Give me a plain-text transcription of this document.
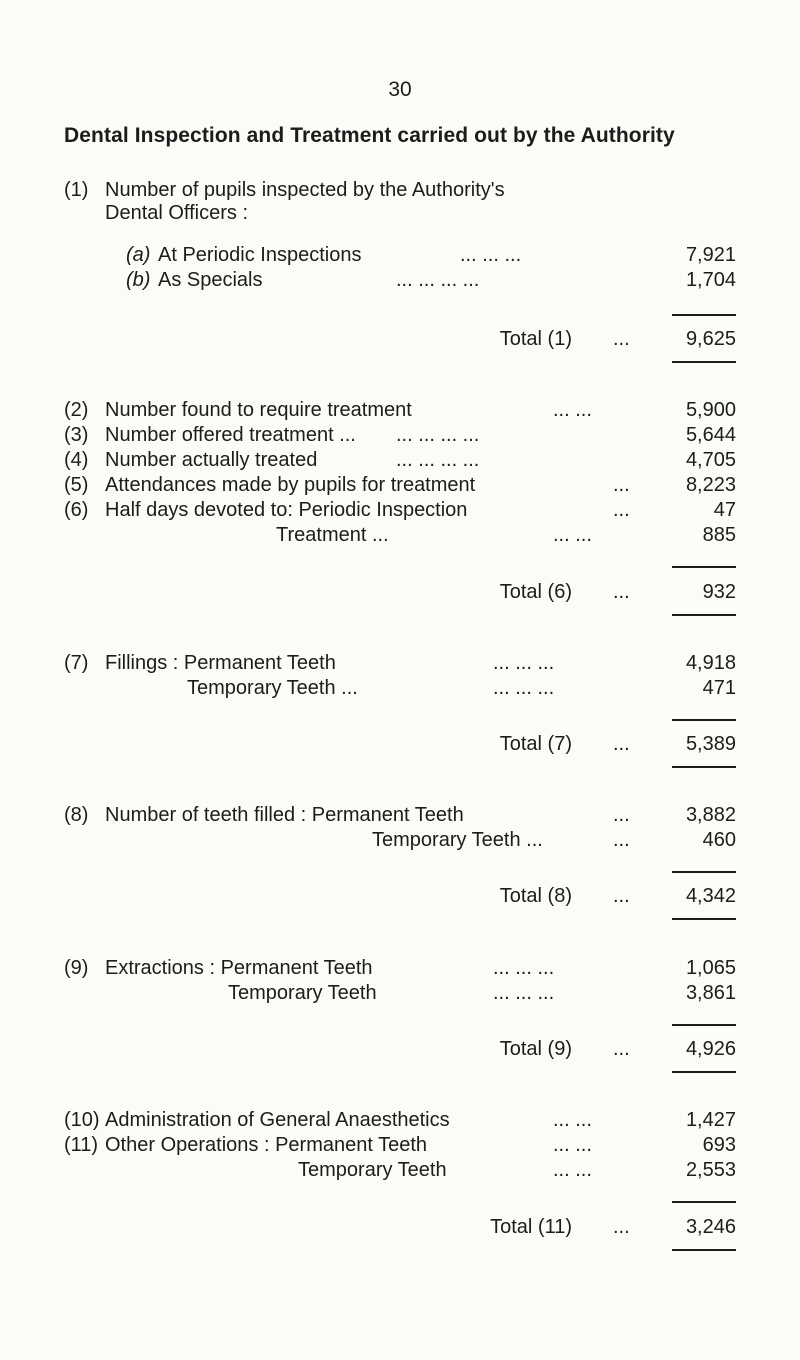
30
Dental Inspection and Treatment carried out by the Authority
(1) Number of pupils inspected by the Authority's
Dental Officers :
(a) At Periodic Inspections	... ... ...	7,921
(b) As Specials	... ... ... ...	1,704
Total (1) ...	9,625
(2) Number found to require treatment	... ...	5,900
(3) Number offered treatment ... ... ... ... ...	5,644
(4) Number actually treated	... ... ... ...	4,705
(5) Attendances made by pupils for treatment	...	8,223
(6) Half days devoted to: Periodic Inspection	...	47
Treatment ...	... ...	885
Total (6) ...	932
(7) Fillings : Permanent Teeth	... ... ...	4,918
Temporary Teeth ...	... ... ...	471
Total (7) ...	5,389
(8) Number of teeth filled : Permanent Teeth	...	3,882
Temporary Teeth ...	...	460
Total (8) ...	4,342
(9) Extractions : Permanent Teeth	... ... ...	1,065
Temporary Teeth	... ... ...	3,861
Total (9) ...	4,926
(10) Administration of General Anaesthetics	... ...	1,427
(11) Other Operations : Permanent Teeth	... ...	693
Temporary Teeth	... ...	2,553
Total (11) ...	3,246
